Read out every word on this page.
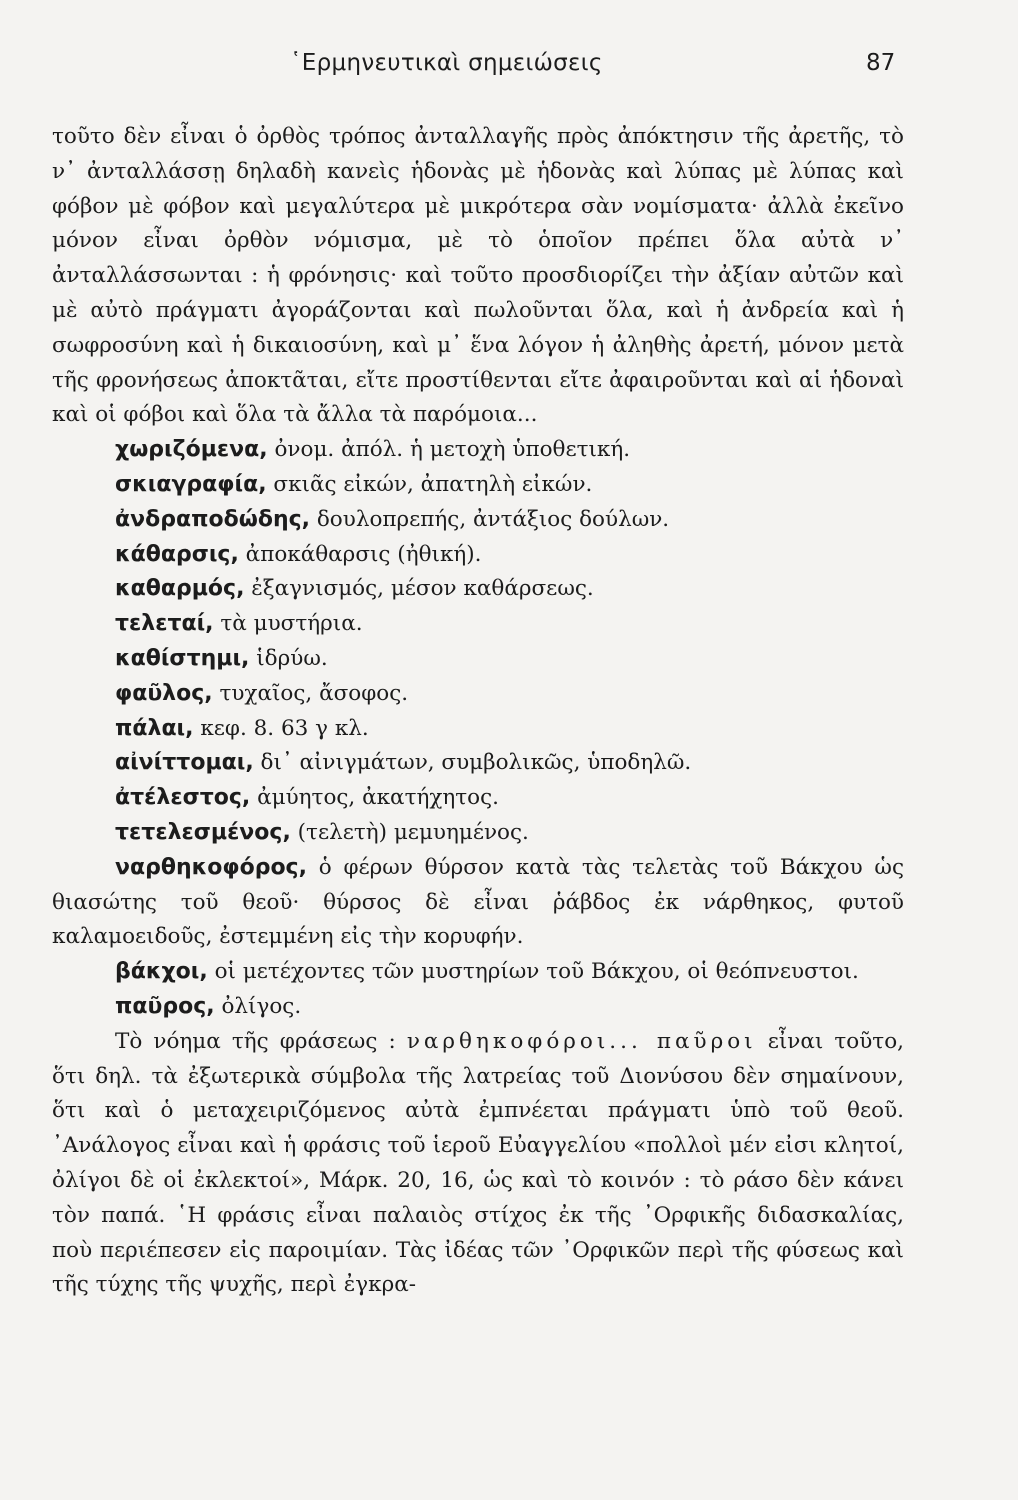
῾Ερμηνευτικαὶ σημειώσεις	87

τοῦτο δὲν εἶναι ὁ ὀρθὸς τρόπος ἀνταλλαγῆς πρὸς ἀπόκτησιν τῆς ἀρετῆς, τὸ ν᾿ ἀνταλλάσσῃ δηλαδὴ κανεὶς ἡδονὰς μὲ ἡδονὰς καὶ λύπας μὲ λύπας καὶ φόβον μὲ φόβον καὶ μεγαλύτερα μὲ μικρότερα σὰν νομίσματα· ἀλλὰ ἐκεῖνο μόνον εἶναι ὀρθὸν νόμισμα, μὲ τὸ ὁποῖον πρέπει ὅλα αὐτὰ ν᾿ ἀνταλλάσσωνται : ἡ φρόνησις· καὶ τοῦτο προσδιορίζει τὴν ἀξίαν αὐτῶν καὶ μὲ αὐτὸ πράγματι ἀγοράζονται καὶ πωλοῦνται ὅλα, καὶ ἡ ἀνδρεία καὶ ἡ σωφροσύνη καὶ ἡ δικαιοσύνη, καὶ μ᾿ ἕνα λόγον ἡ ἀληθὴς ἀρετή, μόνον μετὰ τῆς φρονήσεως ἀποκτᾶται, εἴτε προστίθενται εἴτε ἀφαιροῦνται καὶ αἱ ἡδοναὶ καὶ οἱ φόβοι καὶ ὅλα τὰ ἄλλα τὰ παρόμοια...

χωριζόμενα, ὀνομ. ἀπόλ. ἡ μετοχὴ ὑποθετική.
σκιαγραφία, σκιᾶς εἰκών, ἀπατηλὴ εἰκών.
ἀνδραποδώδης, δουλοπρεπής, ἀντάξιος δούλων.
κάθαρσις, ἀποκάθαρσις (ἠθική).
καθαρμός, ἐξαγνισμός, μέσον καθάρσεως.
τελεταί, τὰ μυστήρια.
καθίστημι, ἱδρύω.
φαῦλος, τυχαῖος, ἄσοφος.
πάλαι, κεφ. 8. 63 γ κλ.
αἰνίττομαι, δι᾿ αἰνιγμάτων, συμβολικῶς, ὑποδηλῶ.
ἀτέλεστος, ἀμύητος, ἀκατήχητος.
τετελεσμένος, (τελετὴ) μεμυημένος.
ναρθηκοφόρος, ὁ φέρων θύρσον κατὰ τὰς τελετὰς τοῦ Βάκχου ὡς θιασώτης τοῦ θεοῦ· θύρσος δὲ εἶναι ῥάβδος ἐκ νάρθηκος, φυτοῦ καλαμοειδοῦς, ἐστεμμένη εἰς τὴν κορυφήν.
βάκχοι, οἱ μετέχοντες τῶν μυστηρίων τοῦ Βάκχου, οἱ θεόπνευστοι.
παῦρος, ὀλίγος.

Τὸ νόημα τῆς φράσεως : ναρθηκοφόροι... παῦροι εἶναι τοῦτο, ὅτι δηλ. τὰ ἐξωτερικὰ σύμβολα τῆς λατρείας τοῦ Διονύσου δὲν σημαίνουν, ὅτι καὶ ὁ μεταχειριζόμενος αὐτὰ ἐμπνέεται πράγματι ὑπὸ τοῦ θεοῦ. ᾿Ανάλογος εἶναι καὶ ἡ φράσις τοῦ ἱεροῦ Εὐαγγελίου «πολλοὶ μέν εἰσι κλητοί, ὀλίγοι δὲ οἱ ἐκλεκτοί», Μάρκ. 20, 16, ὡς καὶ τὸ κοινόν : τὸ ράσο δὲν κάνει τὸν παπά. ῾Η φράσις εἶναι παλαιὸς στίχος ἐκ τῆς ᾿Ορφικῆς διδασκαλίας, ποὺ περιέπεσεν εἰς παροιμίαν. Τὰς ἰδέας τῶν ᾿Ορφικῶν περὶ τῆς φύσεως καὶ τῆς τύχης τῆς ψυχῆς, περὶ ἐγκρα-
